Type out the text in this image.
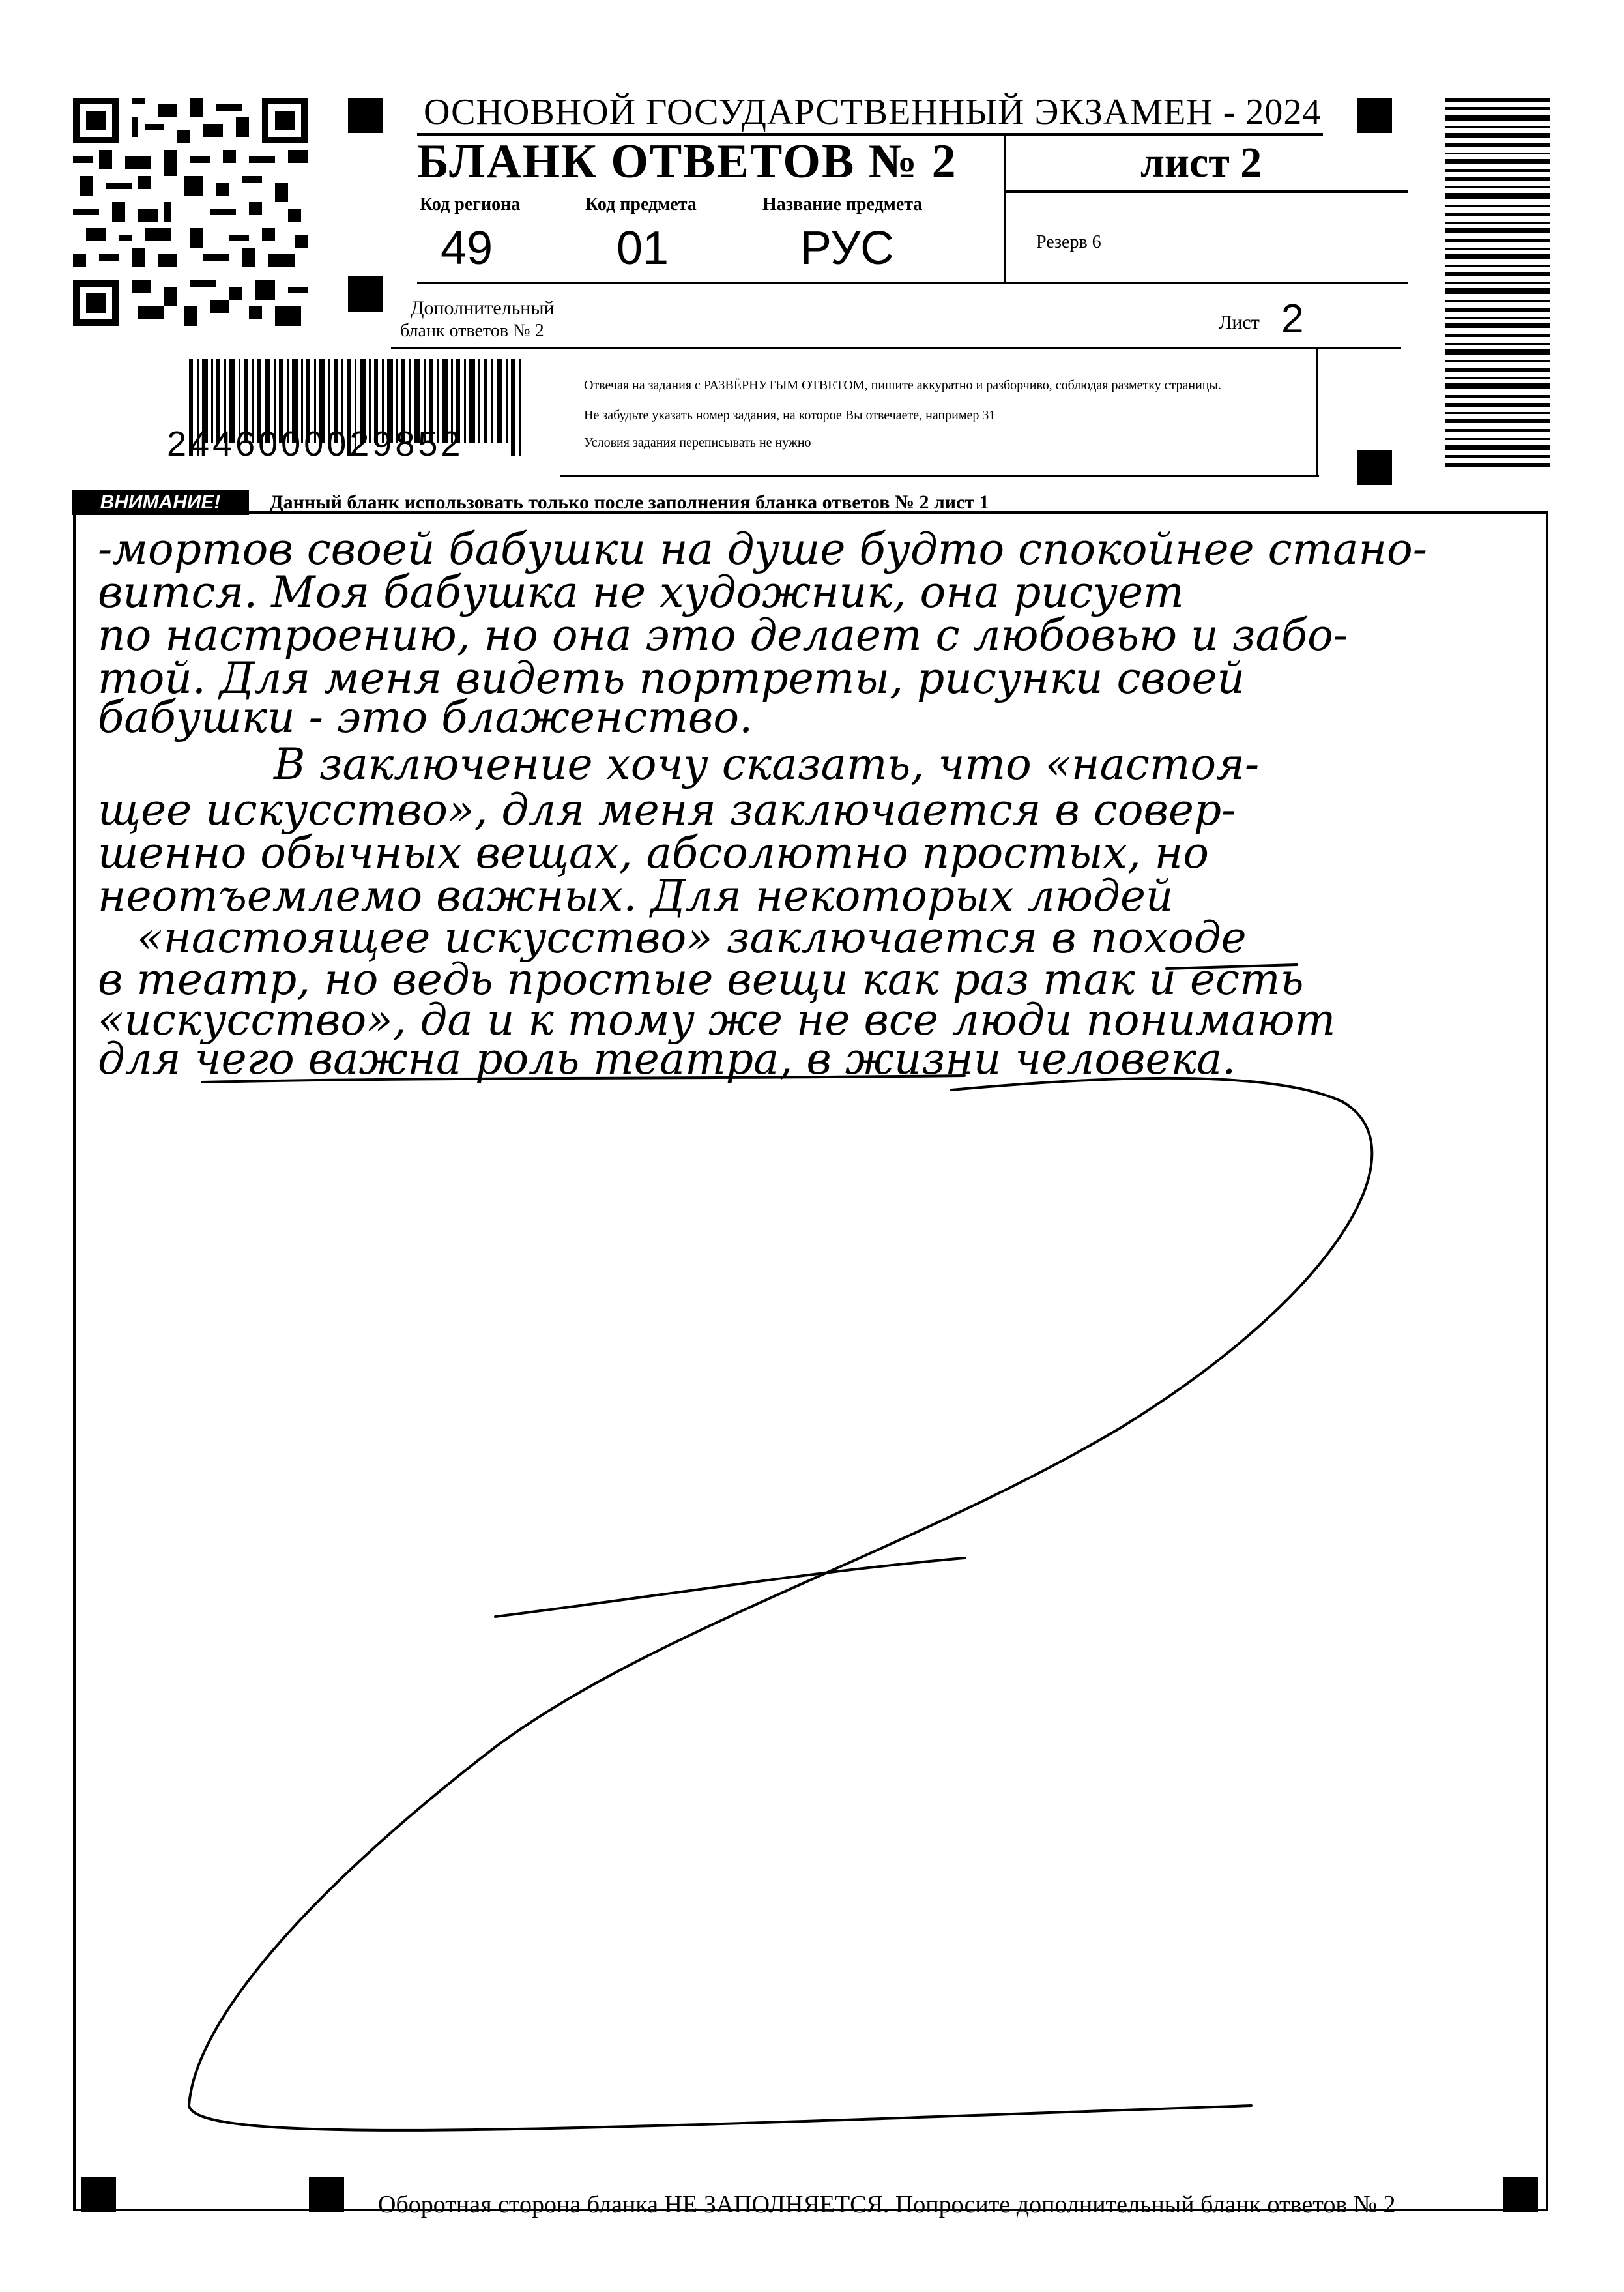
ОСНОВНОЙ ГОСУДАРСТВЕННЫЙ ЭКЗАМЕН - 2024
БЛАНК ОТВЕТОВ № 2	лист 2
Код региона
49
Код предмета
01
Название предмета
РУС	Резерв 6
Дополнительный
бланк ответов № 2	Лист 2
Отвечая на задания с РАЗВЁРНУТЫМ ОТВЕТОМ, пишите аккуратно и разборчиво, соблюдая разметку страницы.
Не забудьте указать номер задания, на которое Вы отвечаете, например 31
Условия задания переписывать не нужно
2446000029852
ВНИМАНИЕ!	Данный бланк использовать только после заполнения бланка ответов № 2 лист 1
-мортов своей бабушки на душе будто спокойнее стано-
вится. Моя бабушка не художник, она рисует
по настроению, но она это делает с любовью и забо-
той. Для меня видеть портреты, рисунки своей
бабушки - это блаженство.
В заключение хочу сказать, что «настоя-
щее искусство», для меня заключается в совер-
шенно обычных вещах, абсолютно простых, но
неотъемлемо важных. Для некоторых людей
«настоящее искусство» заключается в походе
в театр, но ведь простые вещи как раз так и есть
«искусство», да и к тому же не все люди понимают
для чего важна роль театра, в жизни человека.
Оборотная сторона бланка НЕ ЗАПОЛНЯЕТСЯ. Попросите дополнительный бланк ответов № 2
